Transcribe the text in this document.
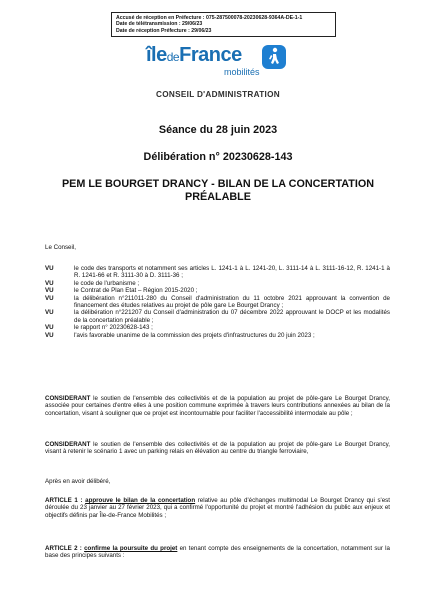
Accusé de réception en Préfecture : 075-287500078-20230628-9364A-DE-1-1
Date de télétransmission : 29/06/23
Date de réception Préfecture : 29/06/23
îledeFrance
mobilités
CONSEIL D'ADMINISTRATION
Séance du 28 juin 2023
Délibération n° 20230628-143
PEM LE BOURGET DRANCY - BILAN DE LA CONCERTATION PRÉALABLE
Le Conseil,
VU	le code des transports et notamment ses articles L. 1241-1 à L. 1241-20, L. 3111-14 à L. 3111-16-12, R. 1241-1 à R. 1241-66 et R. 3111-30 à D. 3111-36 ;
VU	le code de l'urbanisme ;
VU	le Contrat de Plan Etat – Région 2015-2020 ;
VU	la délibération n°211011-280 du Conseil d'administration du 11 octobre 2021 approuvant la convention de financement des études relatives au projet de pôle gare Le Bourget Drancy ;
VU	la délibération n°221207 du Conseil d'administration du 07 décembre 2022 approuvant le DOCP et les modalités de la concertation préalable ;
VU	le rapport n° 20230628-143 ;
VU	l'avis favorable unanime de la commission des projets d'infrastructures du 20 juin 2023 ;
CONSIDERANT le soutien de l'ensemble des collectivités et de la population au projet de pôle-gare Le Bourget Drancy, associée pour certaines d'entre elles à une position commune exprimée à travers leurs contributions annexées au bilan de la concertation, visant à souligner que ce projet est incontournable pour faciliter l'accessibilité intermodale au pôle ;
CONSIDERANT le soutien de l'ensemble des collectivités et de la population au projet de pôle-gare Le Bourget Drancy, visant à retenir le scénario 1 avec un parking relais en élévation au centre du triangle ferroviaire,
Après en avoir délibéré,
ARTICLE 1 : approuve le bilan de la concertation relative au pôle d'échanges multimodal Le Bourget Drancy qui s'est déroulée du 23 janvier au 27 février 2023, qui a confirmé l'opportunité du projet et montré l'adhésion du public aux enjeux et objectifs définis par Île-de-France Mobilités ;
ARTICLE 2 : confirme la poursuite du projet en tenant compte des enseignements de la concertation, notamment sur la base des principes suivants :
